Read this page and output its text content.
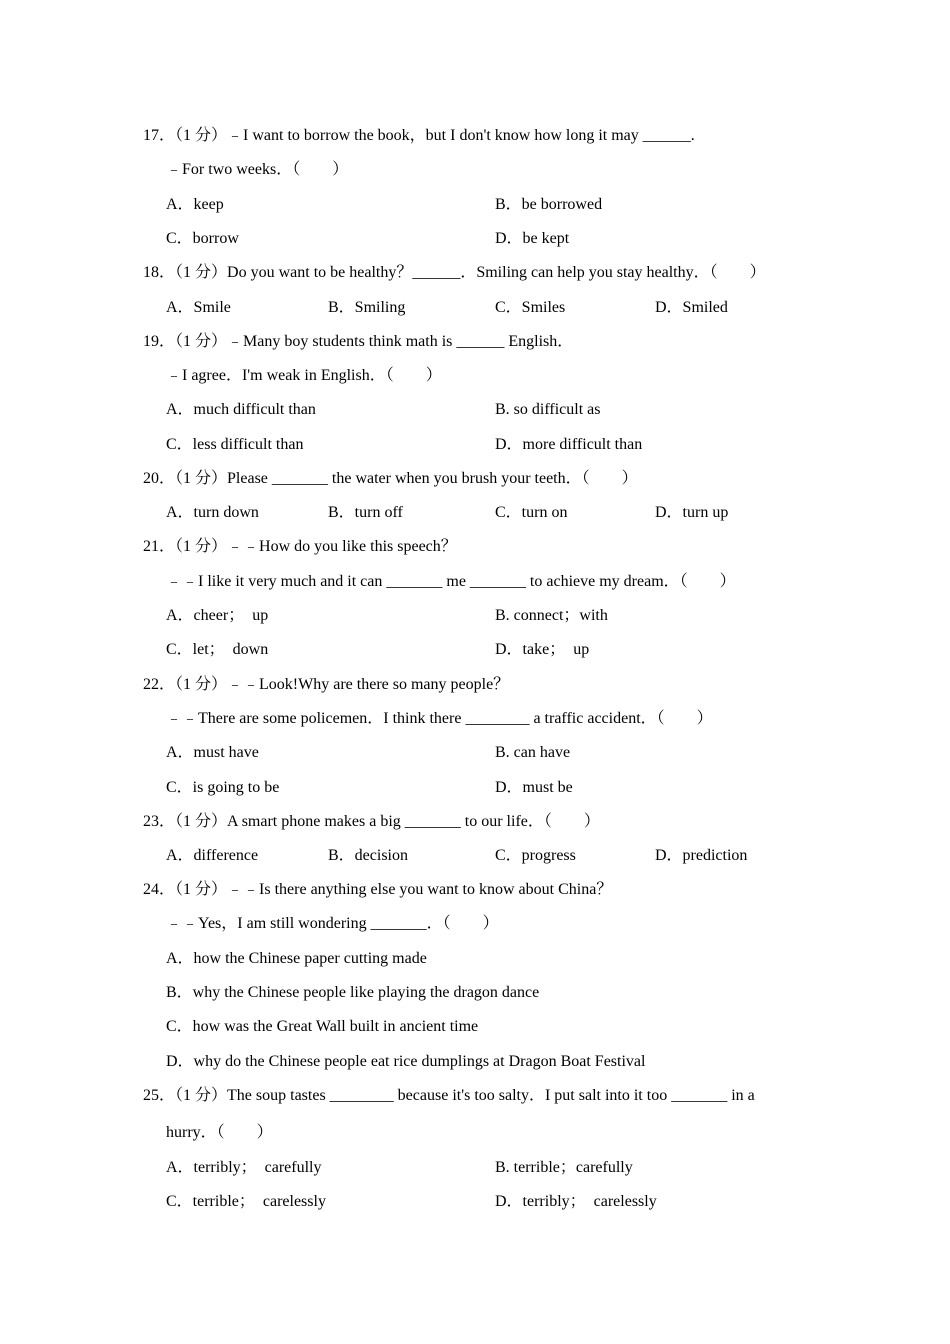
17．（1 分）﹣I want to borrow the book，but I don't know how long it may ______.
﹣For two weeks．（　　）
A．keep	B．be borrowed
C．borrow	D．be kept
18．（1 分）Do you want to be healthy？______．Smiling can help you stay healthy．（　　）
A．Smile	B．Smiling	C．Smiles	D．Smiled
19．（1 分）﹣Many boy students think math is ______ English．
﹣I agree．I'm weak in English．（　　）
A．much difficult than	B. so difficult as
C．less difficult than	D．more difficult than
20．（1 分）Please _______ the water when you brush your teeth．（　　）
A．turn down	B．turn off	C．turn on	D．turn up
21．（1 分）﹣﹣How do you like this speech？
﹣﹣I like it very much and it can _______ me _______ to achieve my dream．（　　）
A．cheer；  up	B. connect；with
C．let；  down	D．take；  up
22．（1 分）﹣﹣Look!Why are there so many people？
﹣﹣There are some policemen．I think there ________ a traffic accident．（　　）
A．must have	B. can have
C．is going to be	D．must be
23．（1 分）A smart phone makes a big _______ to our life．（　　）
A．difference	B．decision	C．progress	D．prediction
24．（1 分）﹣﹣Is there anything else you want to know about China？
﹣﹣Yes，I am still wondering _______．（　　）
A．how the Chinese paper cutting made
B．why the Chinese people like playing the dragon dance
C．how was the Great Wall built in ancient time
D．why do the Chinese people eat rice dumplings at Dragon Boat Festival
25．（1 分）The soup tastes ________ because it's too salty．I put salt into it too _______ in a
hurry．（　　）
A．terribly；  carefully	B. terrible；carefully
C．terrible；  carelessly	D．terribly；  carelessly
